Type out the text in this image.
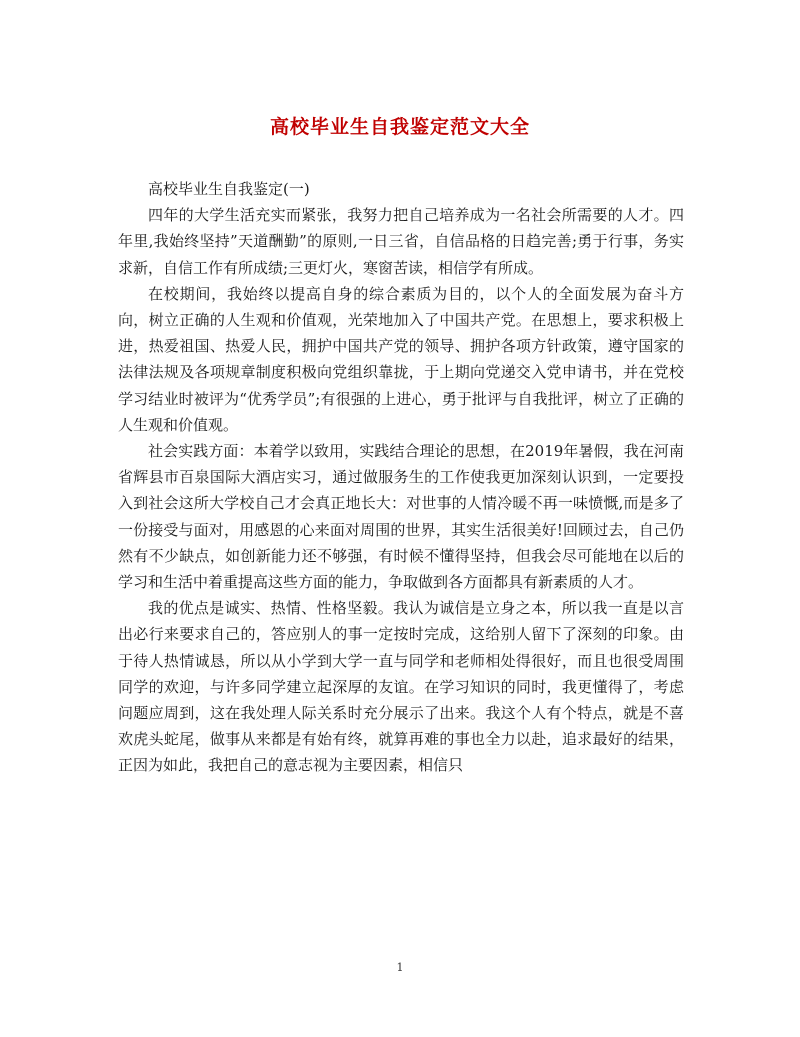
高校毕业生自我鉴定范文大全

高校毕业生自我鉴定(一)

四年的大学生活充实而紧张，我努力把自己培养成为一名社会所需要的人才。四年里,我始终坚持”天道酬勤”的原则,一日三省，自信品格的日趋完善;勇于行事，务实求新，自信工作有所成绩;三更灯火，寒窗苦读，相信学有所成。

在校期间，我始终以提高自身的综合素质为目的，以个人的全面发展为奋斗方向，树立正确的人生观和价值观，光荣地加入了中国共产党。在思想上，要求积极上进，热爱祖国、热爱人民，拥护中国共产党的领导、拥护各项方针政策，遵守国家的法律法规及各项规章制度积极向党组织靠拢，于上期向党递交入党申请书，并在党校学习结业时被评为“优秀学员”;有很强的上进心，勇于批评与自我批评，树立了正确的人生观和价值观。

社会实践方面：本着学以致用，实践结合理论的思想，在2019年暑假，我在河南省辉县市百泉国际大酒店实习，通过做服务生的工作使我更加深刻认识到，一定要投入到社会这所大学校自己才会真正地长大：对世事的人情冷暖不再一味愤慨,而是多了一份接受与面对，用感恩的心来面对周围的世界，其实生活很美好!回顾过去，自己仍然有不少缺点，如创新能力还不够强，有时候不懂得坚持，但我会尽可能地在以后的学习和生活中着重提高这些方面的能力，争取做到各方面都具有新素质的人才。

我的优点是诚实、热情、性格坚毅。我认为诚信是立身之本，所以我一直是以言出必行来要求自己的，答应别人的事一定按时完成，这给别人留下了深刻的印象。由于待人热情诚恳，所以从小学到大学一直与同学和老师相处得很好，而且也很受周围同学的欢迎，与许多同学建立起深厚的友谊。在学习知识的同时，我更懂得了，考虑问题应周到，这在我处理人际关系时充分展示了出来。我这个人有个特点，就是不喜欢虎头蛇尾，做事从来都是有始有终，就算再难的事也全力以赴，追求最好的结果，正因为如此，我把自己的意志视为主要因素，相信只

1
